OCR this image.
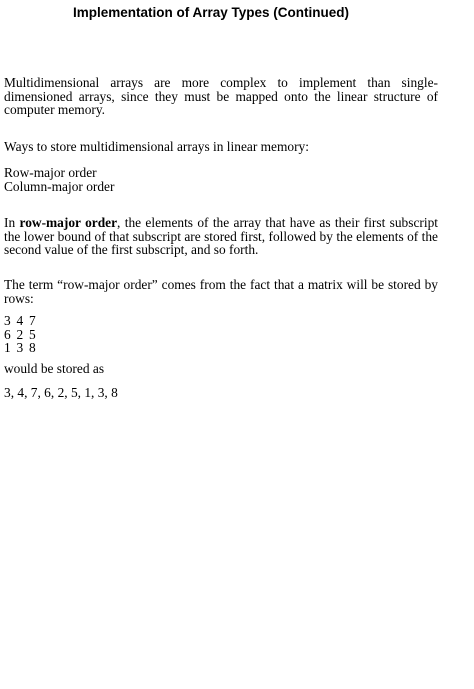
Implementation of Array Types (Continued)

Multidimensional arrays are more complex to implement than single-dimensioned arrays, since they must be mapped onto the linear structure of computer memory.

Ways to store multidimensional arrays in linear memory:

Row-major order
Column-major order

In row-major order, the elements of the array that have as their first subscript the lower bound of that subscript are stored first, followed by the elements of the second value of the first subscript, and so forth.

The term “row-major order” comes from the fact that a matrix will be stored by rows:

3 4 7
6 2 5
1 3 8

would be stored as

3, 4, 7, 6, 2, 5, 1, 3, 8
